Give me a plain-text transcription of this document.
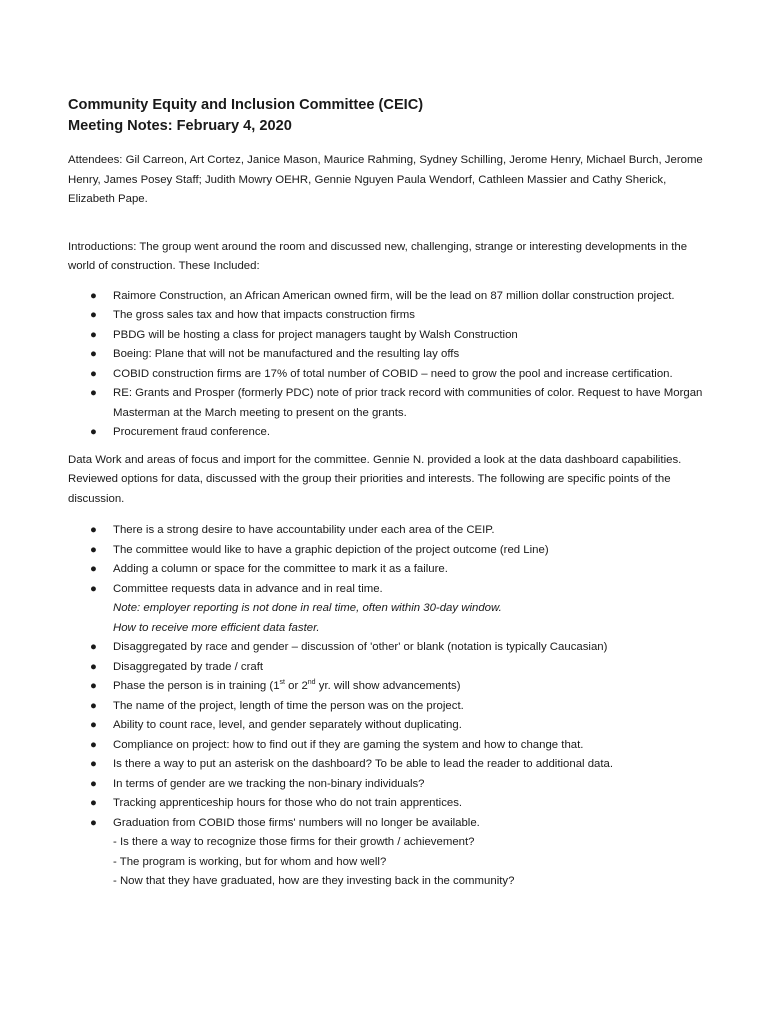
Community Equity and Inclusion Committee (CEIC)
Meeting Notes: February 4, 2020

Attendees: Gil Carreon, Art Cortez, Janice Mason, Maurice Rahming, Sydney Schilling, Jerome Henry, Michael Burch, Jerome Henry, James Posey Staff; Judith Mowry OEHR, Gennie Nguyen Paula Wendorf, Cathleen Massier and Cathy Sherick, Elizabeth Pape.

Introductions: The group went around the room and discussed new, challenging, strange or interesting developments in the world of construction. These Included:

● Raimore Construction, an African American owned firm, will be the lead on 87 million dollar construction project.
● The gross sales tax and how that impacts construction firms
● PBDG will be hosting a class for project managers taught by Walsh Construction
● Boeing: Plane that will not be manufactured and the resulting lay offs
● COBID construction firms are 17% of total number of COBID – need to grow the pool and increase certification.
● RE: Grants and Prosper (formerly PDC) note of prior track record with communities of color. Request to have Morgan Masterman at the March meeting to present on the grants.
● Procurement fraud conference.

Data Work and areas of focus and import for the committee. Gennie N. provided a look at the data dashboard capabilities. Reviewed options for data, discussed with the group their priorities and interests. The following are specific points of the discussion.

● There is a strong desire to have accountability under each area of the CEIP.
● The committee would like to have a graphic depiction of the project outcome (red Line)
● Adding a column or space for the committee to mark it as a failure.
● Committee requests data in advance and in real time.
Note: employer reporting is not done in real time, often within 30-day window.
How to receive more efficient data faster.
● Disaggregated by race and gender – discussion of 'other' or blank (notation is typically Caucasian)
● Disaggregated by trade / craft
● Phase the person is in training (1st or 2nd yr. will show advancements)
● The name of the project, length of time the person was on the project.
● Ability to count race, level, and gender separately without duplicating.
● Compliance on project: how to find out if they are gaming the system and how to change that.
● Is there a way to put an asterisk on the dashboard? To be able to lead the reader to additional data.
● In terms of gender are we tracking the non-binary individuals?
● Tracking apprenticeship hours for those who do not train apprentices.
● Graduation from COBID those firms' numbers will no longer be available.
- Is there a way to recognize those firms for their growth / achievement?
- The program is working, but for whom and how well?
- Now that they have graduated, how are they investing back in the community?
